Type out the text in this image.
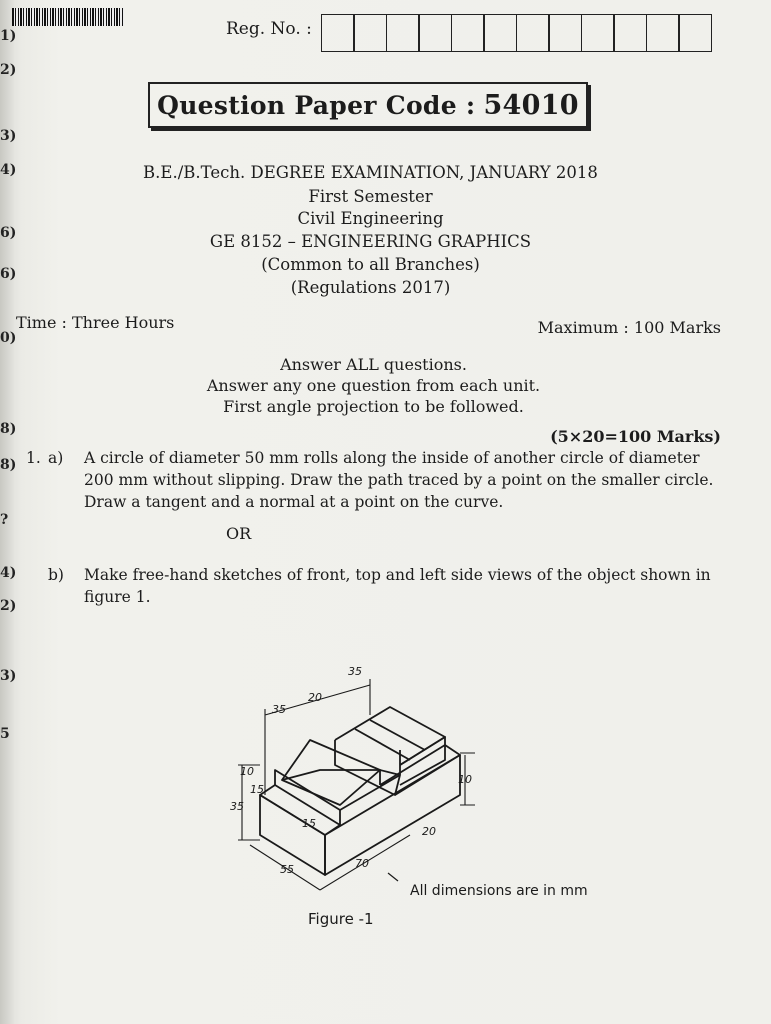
1)
2)
3)
4)
6)
6)
0)
8)
8)
?
4)
2)
3)
5
Reg. No. :
Question Paper Code : 54010
B.E./B.Tech. DEGREE EXAMINATION, JANUARY 2018
First Semester
Civil Engineering
GE 8152 – ENGINEERING GRAPHICS
(Common to all Branches)
(Regulations 2017)
Time : Three Hours	Maximum : 100 Marks
Answer ALL questions.
Answer any one question from each unit.
First angle projection to be followed.
(5×20=100 Marks)
1. a) A circle of diameter 50 mm rolls along the inside of another circle of diameter
200 mm without slipping. Draw the path traced by a point on the smaller circle.
Draw a tangent and a normal at a point on the curve.
OR
b) Make free-hand sketches of front, top and left side views of the object shown in
figure 1.
35
20
35
10
35
15
15
10
20
55	70
All dimensions are in mm
Figure -1
